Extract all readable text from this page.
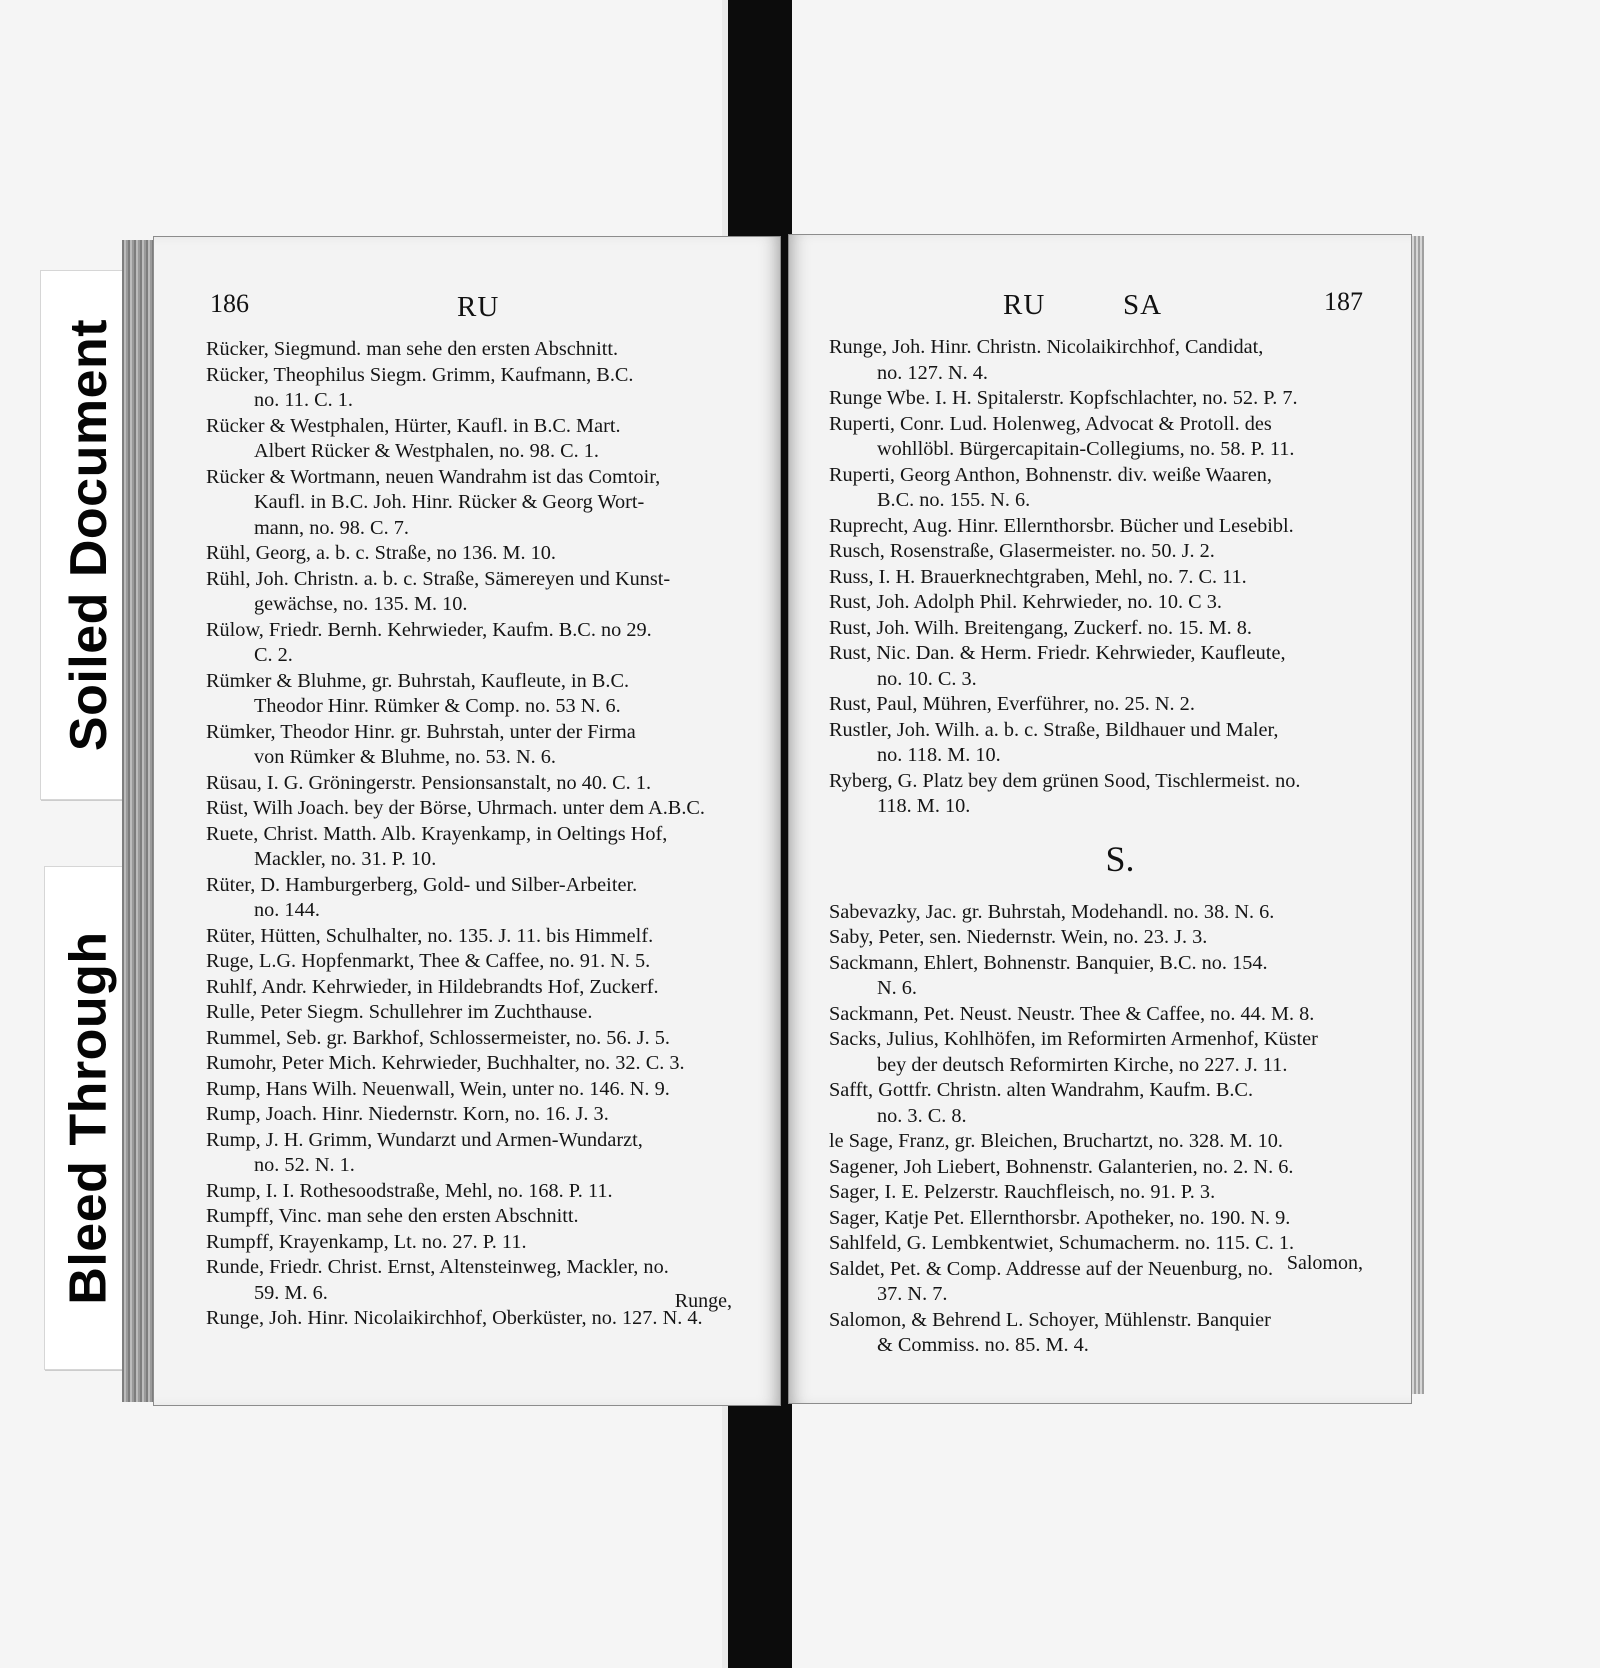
Soiled Document
Bleed Through
186	RU
Rücker, Siegmund. man sehe den ersten Abschnitt.
Rücker, Theophilus Siegm. Grimm, Kaufmann, B.C.
no. 11. C. 1.
Rücker & Westphalen, Hürter, Kaufl. in B.C. Mart.
Albert Rücker & Westphalen, no. 98. C. 1.
Rücker & Wortmann, neuen Wandrahm ist das Comtoir,
Kaufl. in B.C. Joh. Hinr. Rücker & Georg Wort-
mann, no. 98. C. 7.
Rühl, Georg, a. b. c. Straße, no 136. M. 10.
Rühl, Joh. Christn. a. b. c. Straße, Sämereyen und Kunst-
gewächse, no. 135. M. 10.
Rülow, Friedr. Bernh. Kehrwieder, Kaufm. B.C. no 29.
C. 2.
Rümker & Bluhme, gr. Buhrstah, Kaufleute, in B.C.
Theodor Hinr. Rümker & Comp. no. 53 N. 6.
Rümker, Theodor Hinr. gr. Buhrstah, unter der Firma
von Rümker & Bluhme, no. 53. N. 6.
Rüsau, I. G. Gröningerstr. Pensionsanstalt, no 40. C. 1.
Rüst, Wilh Joach. bey der Börse, Uhrmach. unter dem A.B.C.
Ruete, Christ. Matth. Alb. Krayenkamp, in Oeltings Hof,
Mackler, no. 31. P. 10.
Rüter, D. Hamburgerberg, Gold- und Silber-Arbeiter.
no. 144.
Rüter, Hütten, Schulhalter, no. 135. J. 11. bis Himmelf.
Ruge, L.G. Hopfenmarkt, Thee & Caffee, no. 91. N. 5.
Ruhlf, Andr. Kehrwieder, in Hildebrandts Hof, Zuckerf.
Rulle, Peter Siegm. Schullehrer im Zuchthause.
Rummel, Seb. gr. Barkhof, Schlossermeister, no. 56. J. 5.
Rumohr, Peter Mich. Kehrwieder, Buchhalter, no. 32. C. 3.
Rump, Hans Wilh. Neuenwall, Wein, unter no. 146. N. 9.
Rump, Joach. Hinr. Niedernstr. Korn, no. 16. J. 3.
Rump, J. H. Grimm, Wundarzt und Armen-Wundarzt,
no. 52. N. 1.
Rump, I. I. Rothesoodstraße, Mehl, no. 168. P. 11.
Rumpff, Vinc. man sehe den ersten Abschnitt.
Rumpff, Krayenkamp, Lt. no. 27. P. 11.
Runde, Friedr. Christ. Ernst, Altensteinweg, Mackler, no.
59. M. 6.
Runge, Joh. Hinr. Nicolaikirchhof, Oberküster, no. 127. N. 4.
Runge,
RU	SA	187
Runge, Joh. Hinr. Christn. Nicolaikirchhof, Candidat,
no. 127. N. 4.
Runge Wbe. I. H. Spitalerstr. Kopfschlachter, no. 52. P. 7.
Ruperti, Conr. Lud. Holenweg, Advocat & Protoll. des
wohllöbl. Bürgercapitain-Collegiums, no. 58. P. 11.
Ruperti, Georg Anthon, Bohnenstr. div. weiße Waaren,
B.C. no. 155. N. 6.
Ruprecht, Aug. Hinr. Ellernthorsbr. Bücher und Lesebibl.
Rusch, Rosenstraße, Glasermeister. no. 50. J. 2.
Russ, I. H. Brauerknechtgraben, Mehl, no. 7. C. 11.
Rust, Joh. Adolph Phil. Kehrwieder, no. 10. C 3.
Rust, Joh. Wilh. Breitengang, Zuckerf. no. 15. M. 8.
Rust, Nic. Dan. & Herm. Friedr. Kehrwieder, Kaufleute,
no. 10. C. 3.
Rust, Paul, Mühren, Everführer, no. 25. N. 2.
Rustler, Joh. Wilh. a. b. c. Straße, Bildhauer und Maler,
no. 118. M. 10.
Ryberg, G. Platz bey dem grünen Sood, Tischlermeist. no.
118. M. 10.
S.
Sabevazky, Jac. gr. Buhrstah, Modehandl. no. 38. N. 6.
Saby, Peter, sen. Niedernstr. Wein, no. 23. J. 3.
Sackmann, Ehlert, Bohnenstr. Banquier, B.C. no. 154.
N. 6.
Sackmann, Pet. Neust. Neustr. Thee & Caffee, no. 44. M. 8.
Sacks, Julius, Kohlhöfen, im Reformirten Armenhof, Küster
bey der deutsch Reformirten Kirche, no 227. J. 11.
Safft, Gottfr. Christn. alten Wandrahm, Kaufm. B.C.
no. 3. C. 8.
le Sage, Franz, gr. Bleichen, Bruchartzt, no. 328. M. 10.
Sagener, Joh Liebert, Bohnenstr. Galanterien, no. 2. N. 6.
Sager, I. E. Pelzerstr. Rauchfleisch, no. 91. P. 3.
Sager, Katje Pet. Ellernthorsbr. Apotheker, no. 190. N. 9.
Sahlfeld, G. Lembkentwiet, Schumacherm. no. 115. C. 1.
Saldet, Pet. & Comp. Addresse auf der Neuenburg, no.
37. N. 7.
Salomon, & Behrend L. Schoyer, Mühlenstr. Banquier
& Commiss. no. 85. M. 4.
Salomon,
